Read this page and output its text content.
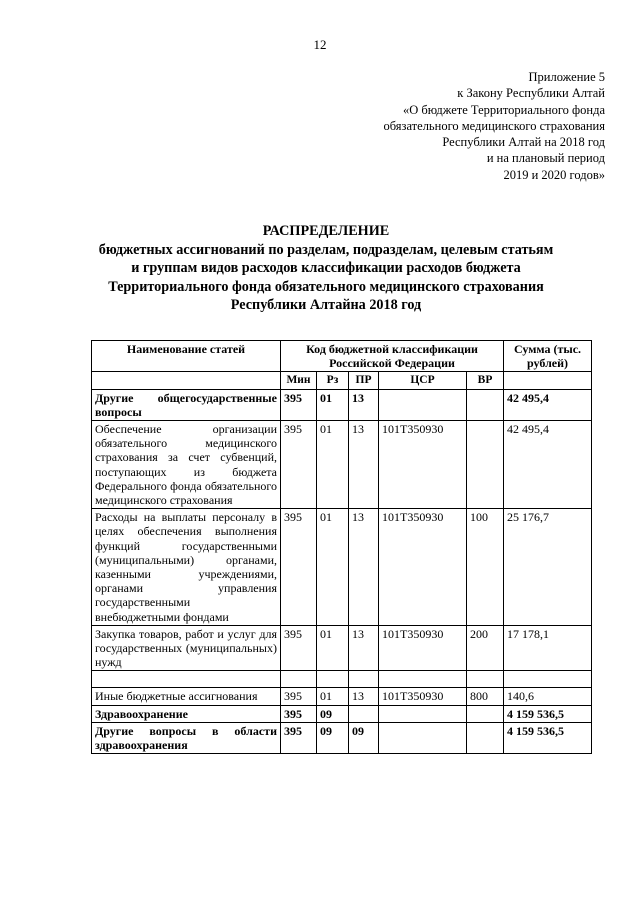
12
Приложение 5
к Закону Республики Алтай
«О бюджете Территориального фонда
обязательного медицинского страхования
Республики Алтай на 2018 год
и на плановый период
2019 и 2020 годов»
РАСПРЕДЕЛЕНИЕ
бюджетных ассигнований по разделам, подразделам, целевым статьям
и группам видов расходов классификации расходов бюджета
Территориального фонда обязательного медицинского страхования
Республики Алтайна 2018 год
Наименование статей	Код бюджетной классификации Российской Федерации					Сумма (тыс. рублей)
	Мин	Рз	ПР	ЦСР	ВР	
Другие общегосударственные вопросы	395	01	13			42 495,4
Обеспечение организации обязательного медицинского страхования за счет субвенций, поступающих из бюджета Федерального фонда обязательного медицинского страхования	395	01	13	101Т350930		42 495,4
Расходы на выплаты персоналу в целях обеспечения выполнения функций государственными (муниципальными) органами, казенными учреждениями, органами управления государственными внебюджетными фондами	395	01	13	101Т350930	100	25 176,7
Закупка товаров, работ и услуг для государственных (муниципальных) нужд	395	01	13	101Т350930	200	17 178,1

Иные бюджетные ассигнования	395	01	13	101Т350930	800	140,6
Здравоохранение	395	09				4 159 536,5
Другие вопросы в области здравоохранения	395	09	09			4 159 536,5
